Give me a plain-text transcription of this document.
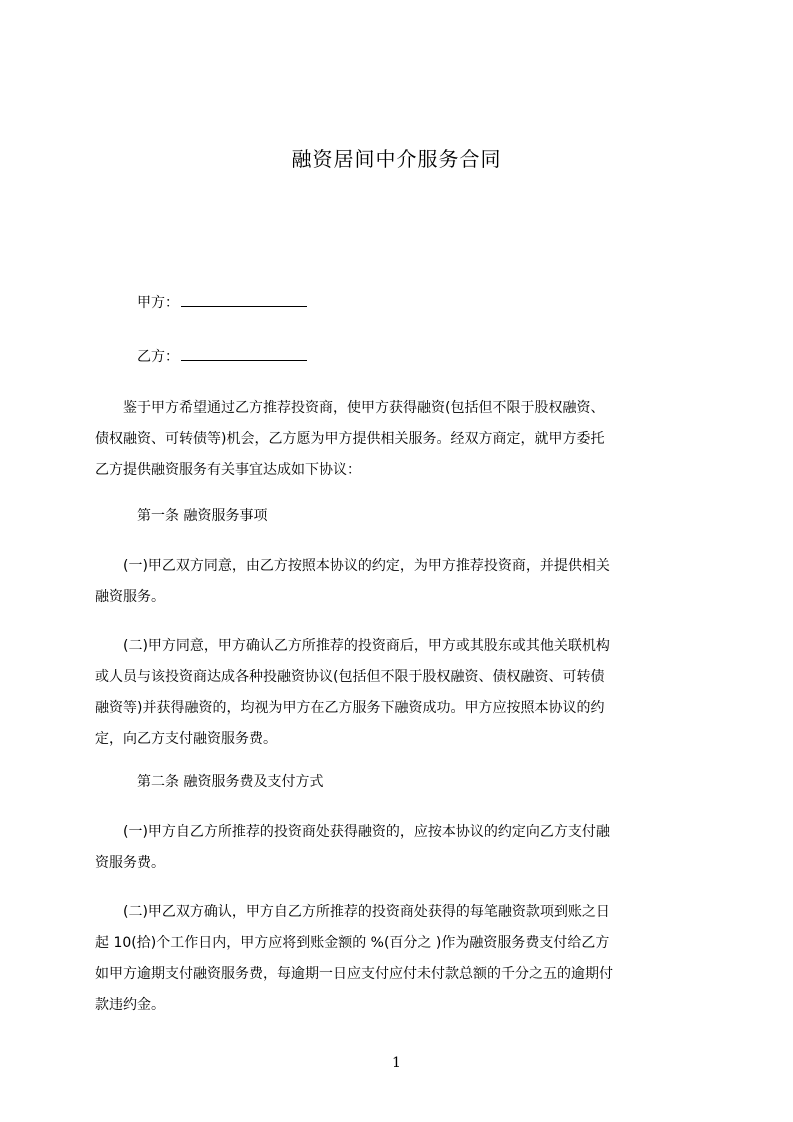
融资居间中介服务合同
甲方：
乙方：
　　鉴于甲方希望通过乙方推荐投资商，使甲方获得融资(包括但不限于股权融资、
债权融资、可转债等)机会，乙方愿为甲方提供相关服务。经双方商定，就甲方委托
乙方提供融资服务有关事宜达成如下协议：
第一条 融资服务事项
　　(一)甲乙双方同意，由乙方按照本协议的约定，为甲方推荐投资商，并提供相关
融资服务。
　　(二)甲方同意，甲方确认乙方所推荐的投资商后，甲方或其股东或其他关联机构
或人员与该投资商达成各种投融资协议(包括但不限于股权融资、债权融资、可转债
融资等)并获得融资的，均视为甲方在乙方服务下融资成功。甲方应按照本协议的约
定，向乙方支付融资服务费。
第二条 融资服务费及支付方式
　　(一)甲方自乙方所推荐的投资商处获得融资的，应按本协议的约定向乙方支付融
资服务费。
　　(二)甲乙双方确认，甲方自乙方所推荐的投资商处获得的每笔融资款项到账之日
起 10(拾)个工作日内，甲方应将到账金额的 %(百分之 )作为融资服务费支付给乙方
如甲方逾期支付融资服务费，每逾期一日应支付应付未付款总额的千分之五的逾期付
款违约金。
1
